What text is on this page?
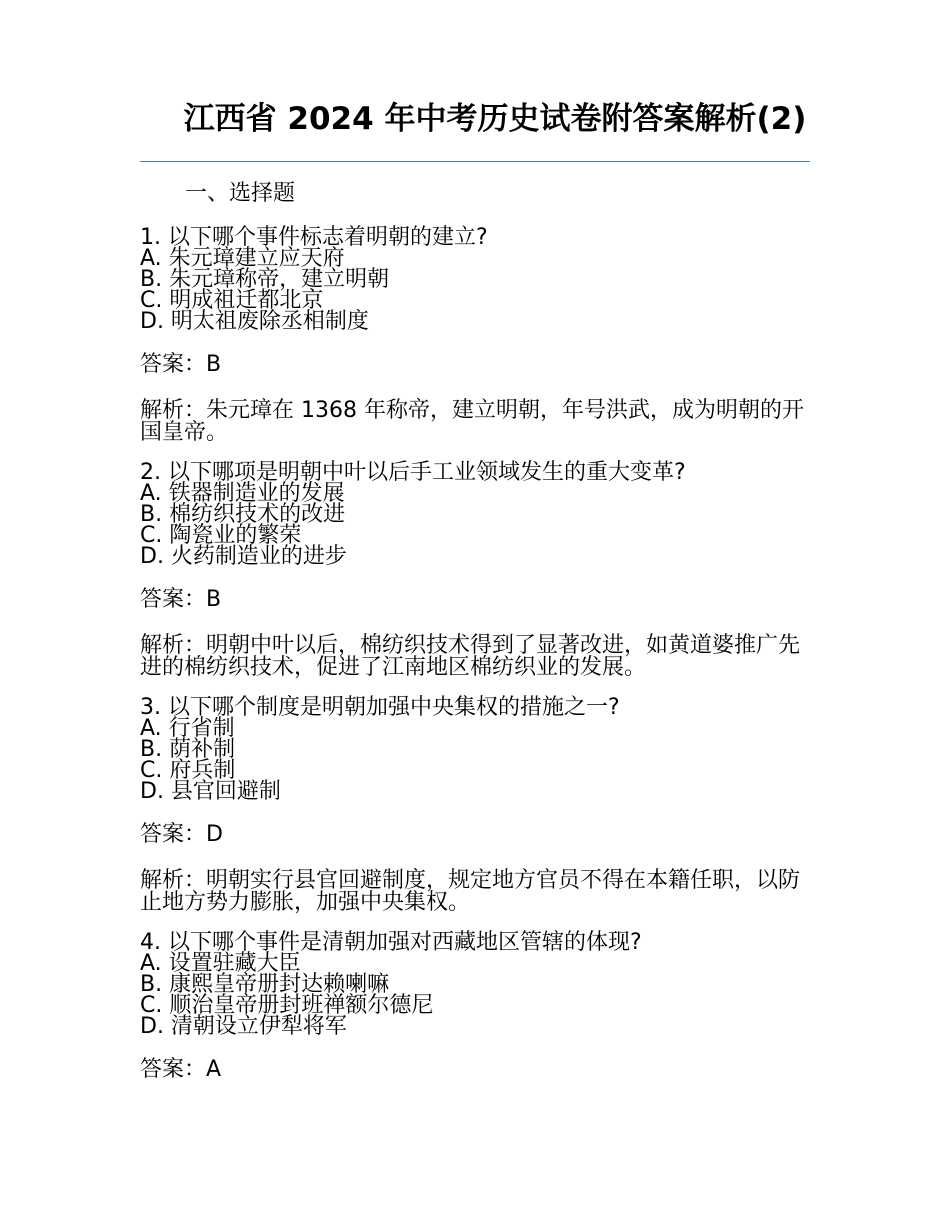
江西省 2024 年中考历史试卷附答案解析(2)

一、选择题

1. 以下哪个事件标志着明朝的建立?

A. 朱元璋建立应天府

B. 朱元璋称帝，建立明朝

C. 明成祖迁都北京

D. 明太祖废除丞相制度

答案：B

解析：朱元璋在 1368 年称帝，建立明朝，年号洪武，成为明朝的开国皇帝。

2. 以下哪项是明朝中叶以后手工业领域发生的重大变革?

A. 铁器制造业的发展

B. 棉纺织技术的改进

C. 陶瓷业的繁荣

D. 火药制造业的进步

答案：B

解析：明朝中叶以后，棉纺织技术得到了显著改进，如黄道婆推广先进的棉纺织技术，促进了江南地区棉纺织业的发展。

3. 以下哪个制度是明朝加强中央集权的措施之一?

A. 行省制

B. 荫补制

C. 府兵制

D. 县官回避制

答案：D

解析：明朝实行县官回避制度，规定地方官员不得在本籍任职，以防止地方势力膨胀，加强中央集权。

4. 以下哪个事件是清朝加强对西藏地区管辖的体现?

A. 设置驻藏大臣

B. 康熙皇帝册封达赖喇嘛

C. 顺治皇帝册封班禅额尔德尼

D. 清朝设立伊犁将军

答案：A
